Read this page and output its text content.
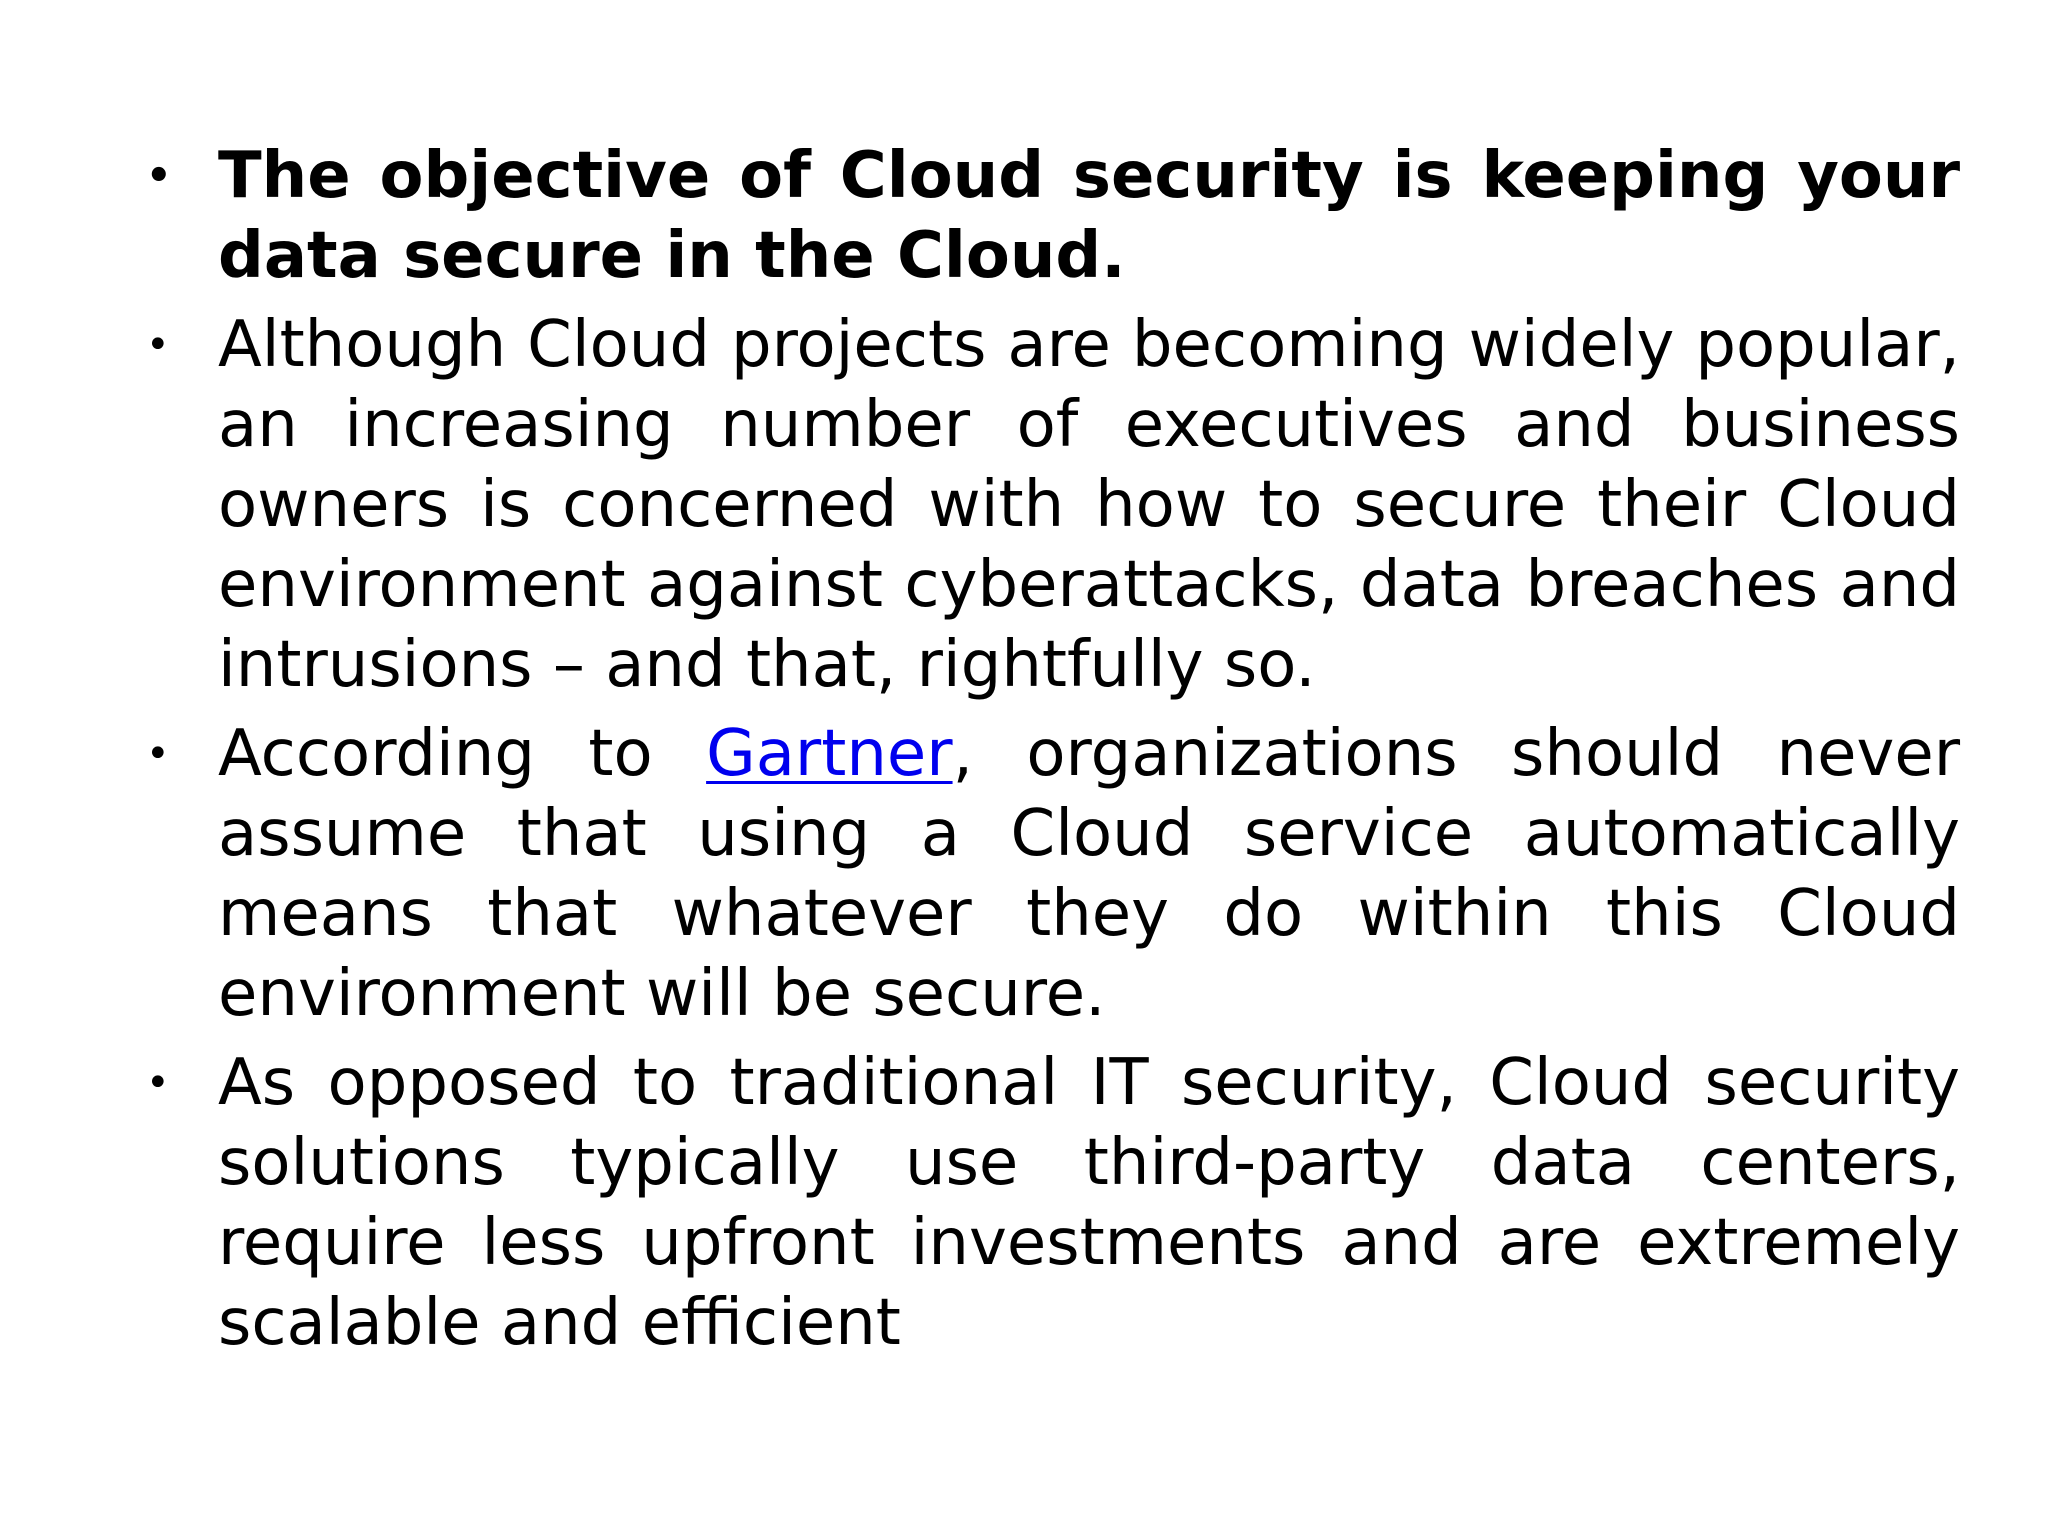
• The objective of Cloud security is keeping your data secure in the Cloud.
• Although Cloud projects are becoming widely popular, an increasing number of executives and business owners is concerned with how to secure their Cloud environment against cyberattacks, data breaches and intrusions – and that, rightfully so.
• According to Gartner, organizations should never assume that using a Cloud service automatically means that whatever they do within this Cloud environment will be secure.
• As opposed to traditional IT security, Cloud security solutions typically use third-party data centers, require less upfront investments and are extremely scalable and efficient
